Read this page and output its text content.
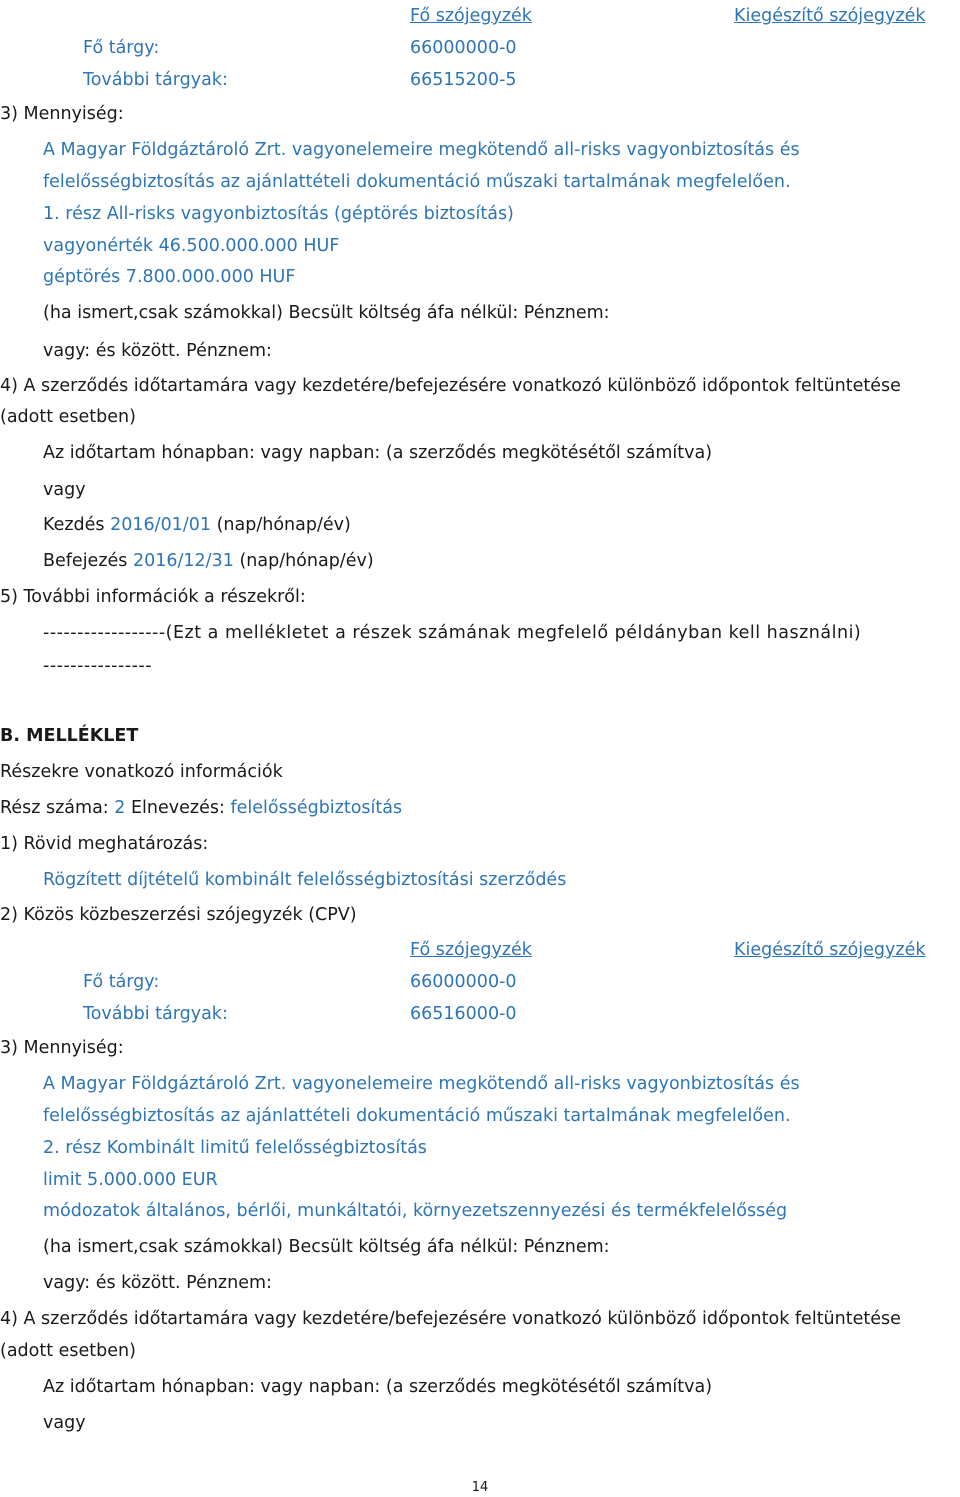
Fő szójegyzék	Kiegészítő szójegyzék
Fő tárgy:	66000000-0
További tárgyak:	66515200-5
3) Mennyiség:
A Magyar Földgáztároló Zrt. vagyonelemeire megkötendő all-risks vagyonbiztosítás és
felelősségbiztosítás az ajánlattételi dokumentáció műszaki tartalmának megfelelően.
1. rész All-risks vagyonbiztosítás (géptörés biztosítás)
vagyonérték 46.500.000.000 HUF
géptörés 7.800.000.000 HUF
(ha ismert,csak számokkal) Becsült költség áfa nélkül: Pénznem:
vagy: és között. Pénznem:
4) A szerződés időtartamára vagy kezdetére/befejezésére vonatkozó különböző időpontok feltüntetése
(adott esetben)
Az időtartam hónapban: vagy napban: (a szerződés megkötésétől számítva)
vagy
Kezdés 2016/01/01 (nap/hónap/év)
Befejezés 2016/12/31 (nap/hónap/év)
5) További információk a részekről:
------------------(Ezt a mellékletet a részek számának megfelelő példányban kell használni)
----------------
B. MELLÉKLET
Részekre vonatkozó információk
Rész száma: 2 Elnevezés: felelősségbiztosítás
1) Rövid meghatározás:
Rögzített díjtételű kombinált felelősségbiztosítási szerződés
2) Közös közbeszerzési szójegyzék (CPV)
Fő szójegyzék	Kiegészítő szójegyzék
Fő tárgy:	66000000-0
További tárgyak:	66516000-0
3) Mennyiség:
A Magyar Földgáztároló Zrt. vagyonelemeire megkötendő all-risks vagyonbiztosítás és
felelősségbiztosítás az ajánlattételi dokumentáció műszaki tartalmának megfelelően.
2. rész Kombinált limitű felelősségbiztosítás
limit 5.000.000 EUR
módozatok általános, bérlői, munkáltatói, környezetszennyezési és termékfelelősség
(ha ismert,csak számokkal) Becsült költség áfa nélkül: Pénznem:
vagy: és között. Pénznem:
4) A szerződés időtartamára vagy kezdetére/befejezésére vonatkozó különböző időpontok feltüntetése
(adott esetben)
Az időtartam hónapban: vagy napban: (a szerződés megkötésétől számítva)
vagy
14
